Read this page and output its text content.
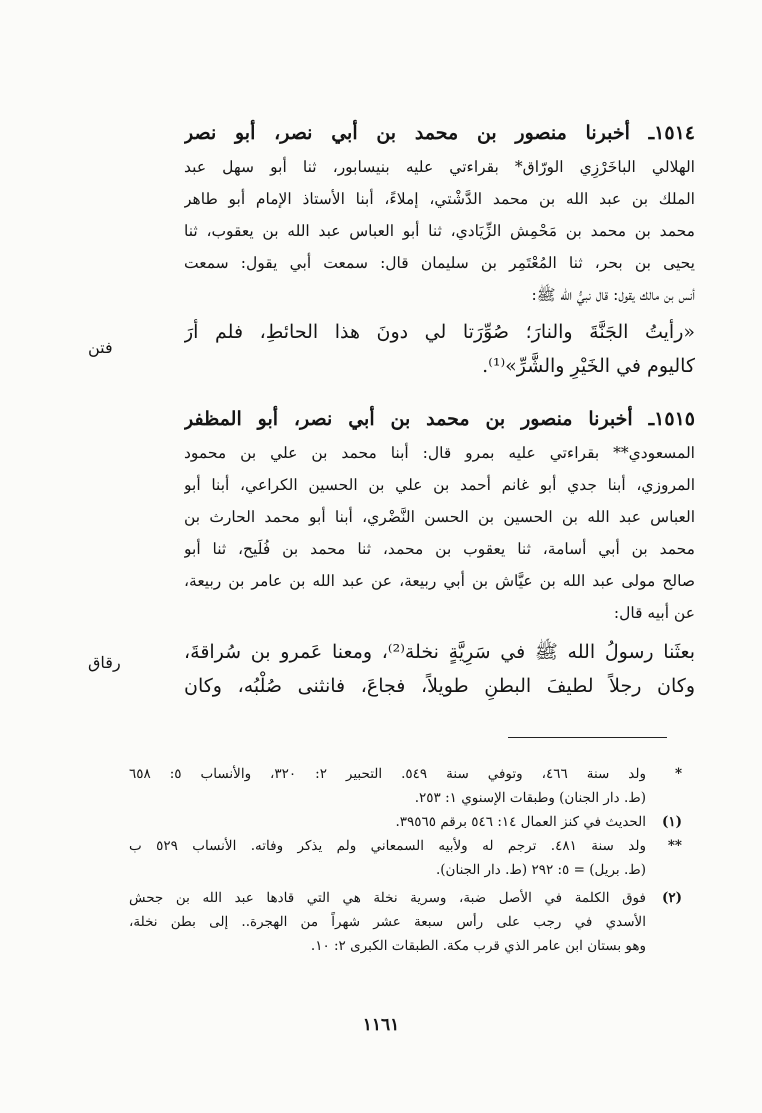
١٥١٤ـ أخبرنا منصور بن محمد بن أبي نصر، أبو نصر
الهلالي الباخَرْزِي الورّاق* بقراءتي عليه بنيسابور، ثنا أبو سهل عبد
الملك بن عبد الله بن محمد الدَّشْتي، إملاءً، أبنا الأستاذ الإمام أبو طاهر
محمد بن محمد بن مَحْمِش الزِّيَادي، ثنا أبو العباس عبد الله بن يعقوب، ثنا
يحيى بن بحر، ثنا المُعْتَمِر بن سليمان قال: سمعت أبي يقول: سمعت
أنس بن مالك يقول: قال نبيُّ الله ﷺ:
«رأيتُ الجَنَّةَ والنارَ؛ صُوِّرَتا لي دونَ هذا الحائطِ، فلم أرَ
كاليوم في الخَيْرِ والشَّرِّ»⁽¹⁾.
فتن
١٥١٥ـ أخبرنا منصور بن محمد بن أبي نصر، أبو المظفر
المسعودي** بقراءتي عليه بمرو قال: أبنا محمد بن علي بن محمود
المروزي، أبنا جدي أبو غانم أحمد بن علي بن الحسين الكراعي، أبنا أبو
العباس عبد الله بن الحسين بن الحسن النَّضْري، أبنا أبو محمد الحارث بن
محمد بن أبي أسامة، ثنا يعقوب بن محمد، ثنا محمد بن فُلَيح، ثنا أبو
صالح مولى عبد الله بن عيَّاش بن أبي ربيعة، عن عبد الله بن عامر بن ربيعة،
عن أبيه قال:
بعثَنا رسولُ الله ﷺ في سَرِيَّةٍ نخلة⁽²⁾، ومعنا عَمرو بن سُراقةَ،
وكان رجلاً لطيفَ البطنِ طويلاً، فجاعَ، فانثنى صُلْبُه، وكان
رقاق
*
ولد سنة ٤٦٦، وتوفي سنة ٥٤٩. التحبير ٢: ٣٢٠، والأنساب ٥: ٦٥٨
(ط. دار الجنان) وطبقات الإسنوي ١: ٢٥٣.
(١)
الحديث في كنز العمال ١٤: ٥٤٦ برقم ٣٩٥٦٥.
**
ولد سنة ٤٨١. ترجم له ولأبيه السمعاني ولم يذكر وفاته. الأنساب ٥٢٩ ب
(ط. بريل) = ٥: ٢٩٢ (ط. دار الجنان).
(٢)
فوق الكلمة في الأصل ضبة، وسرية نخلة هي التي قادها عبد الله بن جحش
الأسدي في رجب على رأس سبعة عشر شهراً من الهجرة.. إلى بطن نخلة،
وهو بستان ابن عامر الذي قرب مكة. الطبقات الكبرى ٢: ١٠.
١١٦١
